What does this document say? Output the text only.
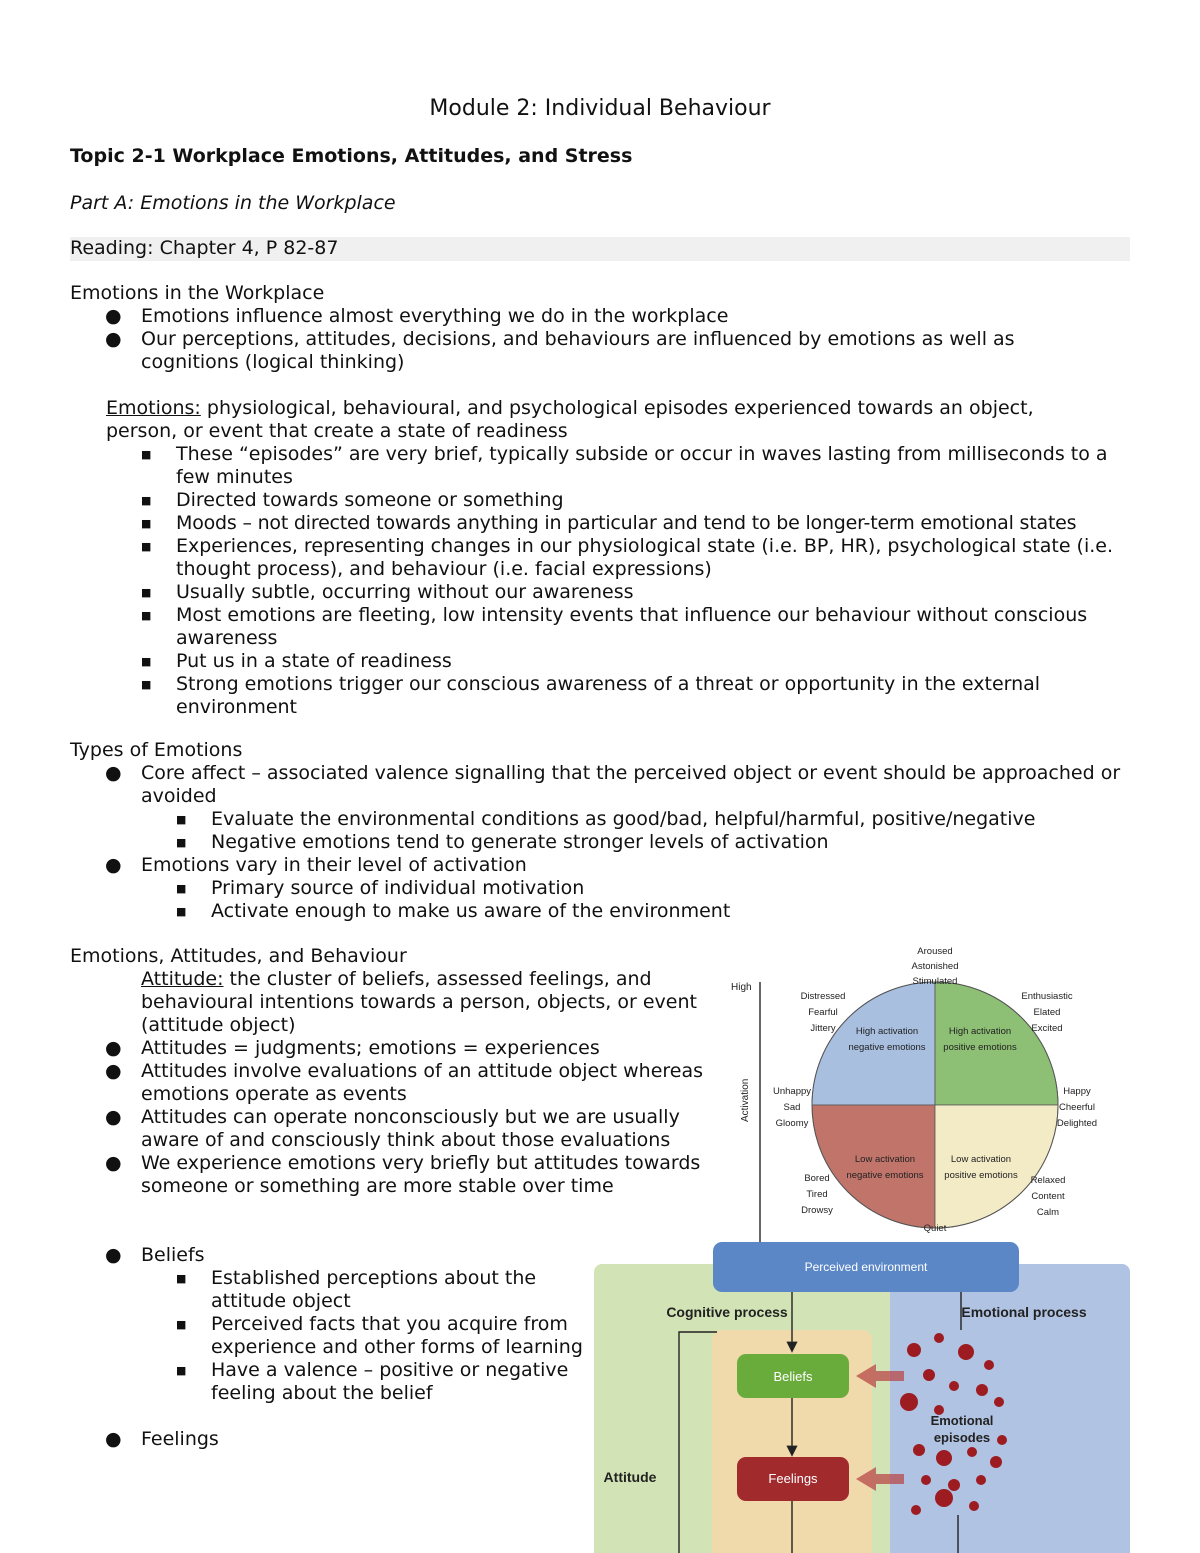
Module 2: Individual Behaviour
Topic 2-1 Workplace Emotions, Attitudes, and Stress
Part A: Emotions in the Workplace
Reading: Chapter 4, P 82-87
Emotions in the Workplace
● Emotions influence almost everything we do in the workplace
● Our perceptions, attitudes, decisions, and behaviours are influenced by emotions as well as cognitions (logical thinking)
Emotions: physiological, behavioural, and psychological episodes experienced towards an object, person, or event that create a state of readiness
■ These “episodes” are very brief, typically subside or occur in waves lasting from milliseconds to a few minutes
■ Directed towards someone or something
■ Moods – not directed towards anything in particular and tend to be longer-term emotional states
■ Experiences, representing changes in our physiological state (i.e. BP, HR), psychological state (i.e. thought process), and behaviour (i.e. facial expressions)
■ Usually subtle, occurring without our awareness
■ Most emotions are fleeting, low intensity events that influence our behaviour without conscious awareness
■ Put us in a state of readiness
■ Strong emotions trigger our conscious awareness of a threat or opportunity in the external environment
Types of Emotions
● Core affect – associated valence signalling that the perceived object or event should be approached or avoided
■ Evaluate the environmental conditions as good/bad, helpful/harmful, positive/negative
■ Negative emotions tend to generate stronger levels of activation
● Emotions vary in their level of activation
■ Primary source of individual motivation
■ Activate enough to make us aware of the environment
Emotions, Attitudes, and Behaviour
Attitude: the cluster of beliefs, assessed feelings, and behavioural intentions towards a person, objects, or event (attitude object)
● Attitudes = judgments; emotions = experiences
● Attitudes involve evaluations of an attitude object whereas emotions operate as events
● Attitudes can operate nonconsciously but we are usually aware of and consciously think about those evaluations
● We experience emotions very briefly but attitudes towards someone or something are more stable over time
● Beliefs
■ Established perceptions about the attitude object
■ Perceived facts that you acquire from experience and other forms of learning
■ Have a valence – positive or negative feeling about the belief
● Feelings
High
Activation
High activation
negative emotions
High activation
positive emotions
Low activation
negative emotions
Low activation
positive emotions
Aroused
Astonished
Stimulated
Distressed
Fearful
Jittery
Enthusiastic
Elated
Excited
Unhappy
Sad
Gloomy
Happy
Cheerful
Delighted
Bored
Tired
Drowsy
Relaxed
Content
Calm
Quiet
Perceived environment
Cognitive process	Emotional process
Beliefs
Feelings
Attitude
Emotional
episodes
